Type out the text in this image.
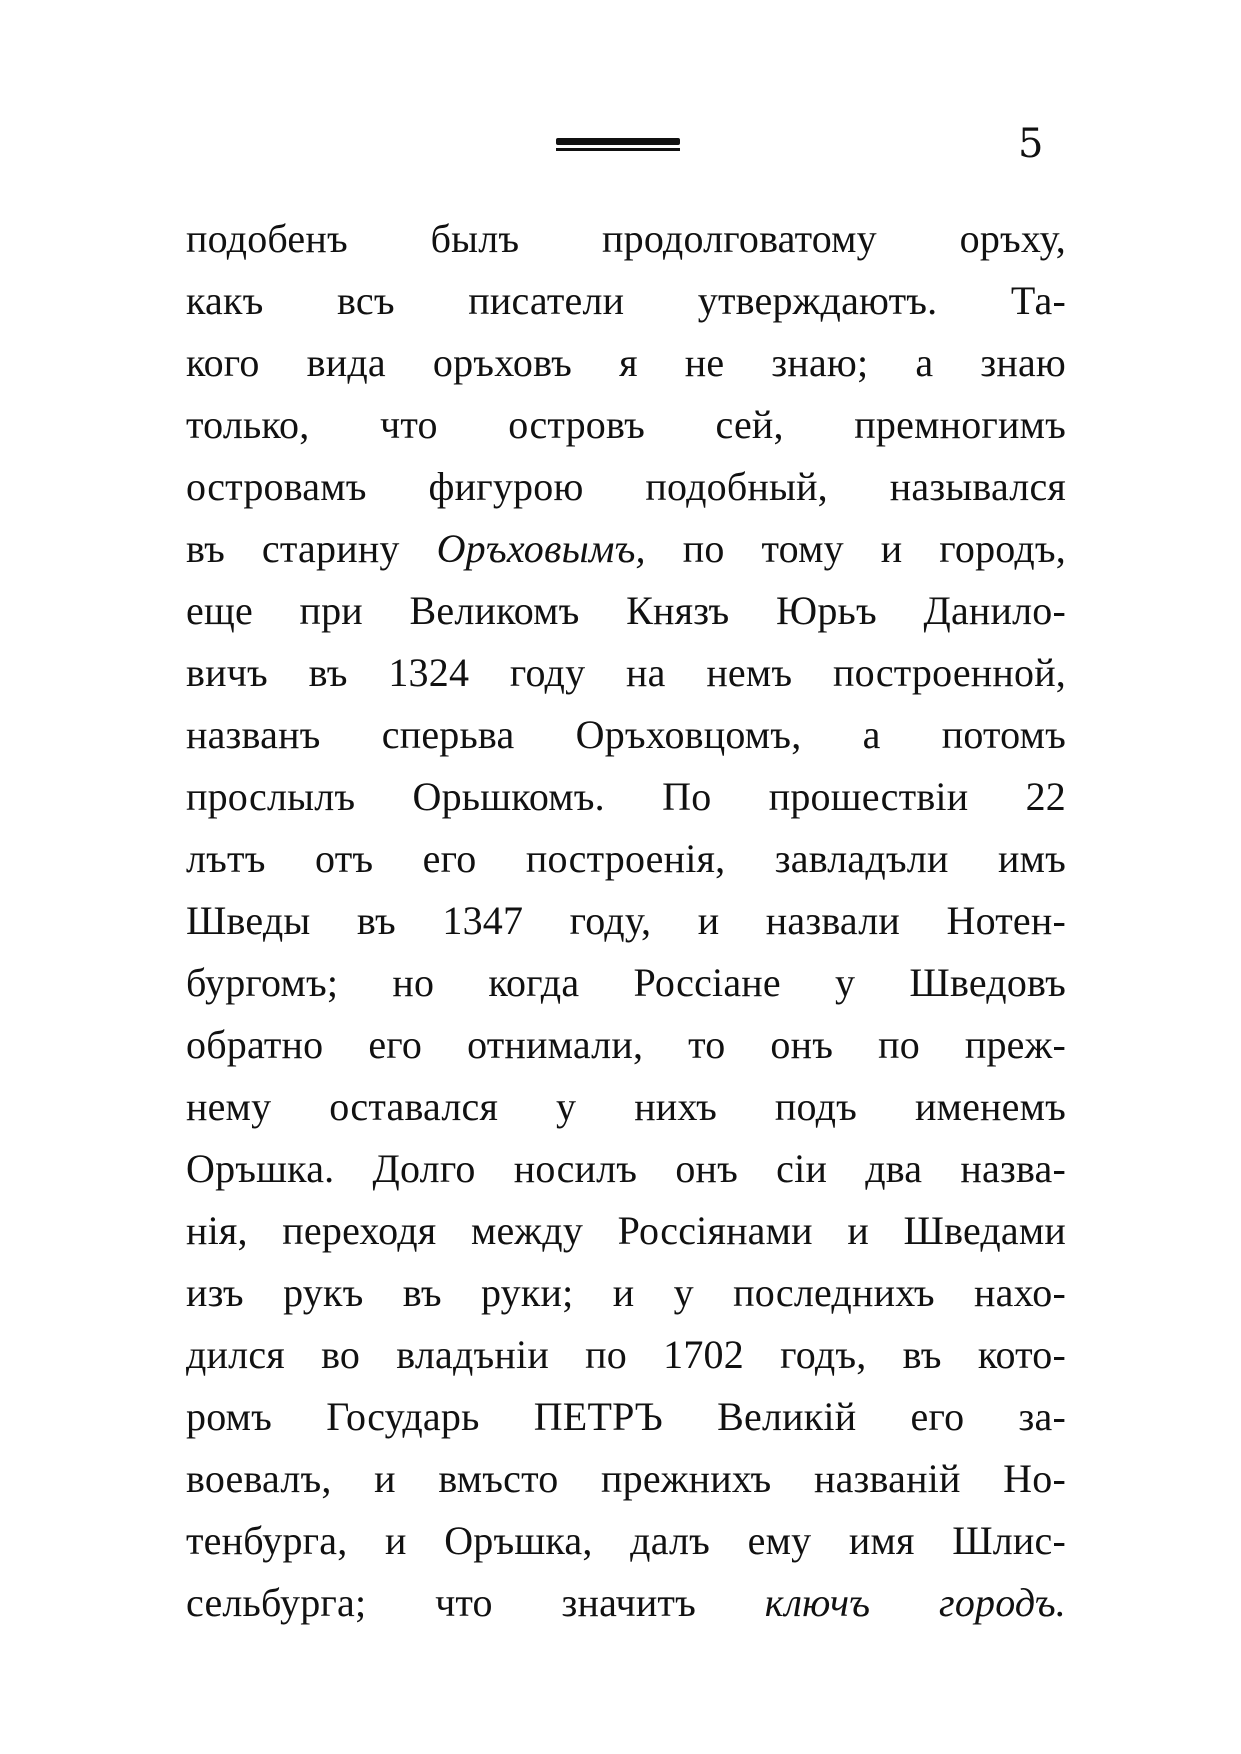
5
подобенъ былъ продолговатому оръху,
какъ всъ писатели утверждаютъ. Та-
кого вида оръховъ я не знаю; а знаю
только, что островъ сей, премногимъ
островамъ фигурою подобный, назывался
въ старину Оръховымъ, по тому и городъ,
еще при Великомъ Князъ Юрьъ Данило-
вичъ въ 1324 году на немъ построенной,
названъ сперьва Оръховцомъ, а потомъ
прослылъ Орьшкомъ. По прошествіи 22
лътъ отъ его построенія, завладъли имъ
Шведы въ 1347 году, и назвали Нотен-
бургомъ; но когда Россіане у Шведовъ
обратно его отнимали, то онъ по преж-
нему оставался у нихъ подъ именемъ
Оръшка. Долго носилъ онъ сіи два назва-
нія, переходя между Россіянами и Шведами
изъ рукъ въ руки; и у последнихъ нахо-
дился во владъніи по 1702 годъ, въ кото-
ромъ Государь ПЕТРЪ Великій его за-
воевалъ, и вмъсто прежнихъ названій Но-
тенбурга, и Оръшка, далъ ему имя Шлис-
сельбурга; что значитъ ключъ городъ.
